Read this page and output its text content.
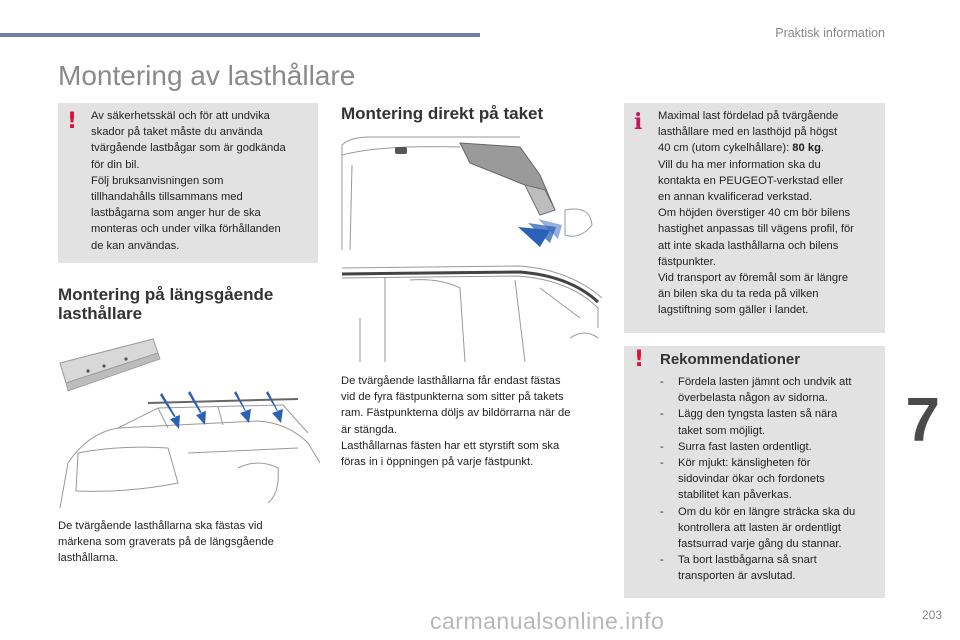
Praktisk information
Montering av lasthållare
! Av säkerhetsskäl och för att undvika

skador på taket måste du använda

tvärgående lastbågar som är godkända

för din bil.

Följ bruksanvisningen som

tillhandahålls tillsammans med

lastbågarna som anger hur de ska

monteras och under vilka förhållanden

de kan användas.

Montering på längsgående
lasthållare
De tvärgående lasthållarna ska fästas vid
märkena som graverats på de längsgående
lasthållarna.
Montering direkt på taket
De tvärgående lasthållarna får endast fästas
vid de fyra fästpunkterna som sitter på takets
ram. Fästpunkterna döljs av bildörrarna när de
är stängda.
Lasthållarnas fästen har ett styrstift som ska
föras in i öppningen på varje fästpunkt.
i Maximal last fördelad på tvärgående

lasthållare med en lasthöjd på högst

40 cm (utom cykelhållare): 80 kg.

Vill du ha mer information ska du

kontakta en PEUGEOT-verkstad eller

en annan kvalificerad verkstad.

Om höjden överstiger 40 cm bör bilens

hastighet anpassas till vägens profil, för

att inte skada lasthållarna och bilens

fästpunkter.

Vid transport av föremål som är längre

än bilen ska du ta reda på vilken

lagstiftning som gäller i landet.

! Rekommendationer
- Fördela lasten jämnt och undvik att
överbelasta någon av sidorna.
- Lägg den tyngsta lasten så nära
taket som möjligt.
- Surra fast lasten ordentligt.
- Kör mjukt: känsligheten för
sidovindar ökar och fordonets
stabilitet kan påverkas.
- Om du kör en längre sträcka ska du
kontrollera att lasten är ordentligt
fastsurrad varje gång du stannar.
- Ta bort lastbågarna så snart
transporten är avslutad.
7
203
carmanualsonline.info
